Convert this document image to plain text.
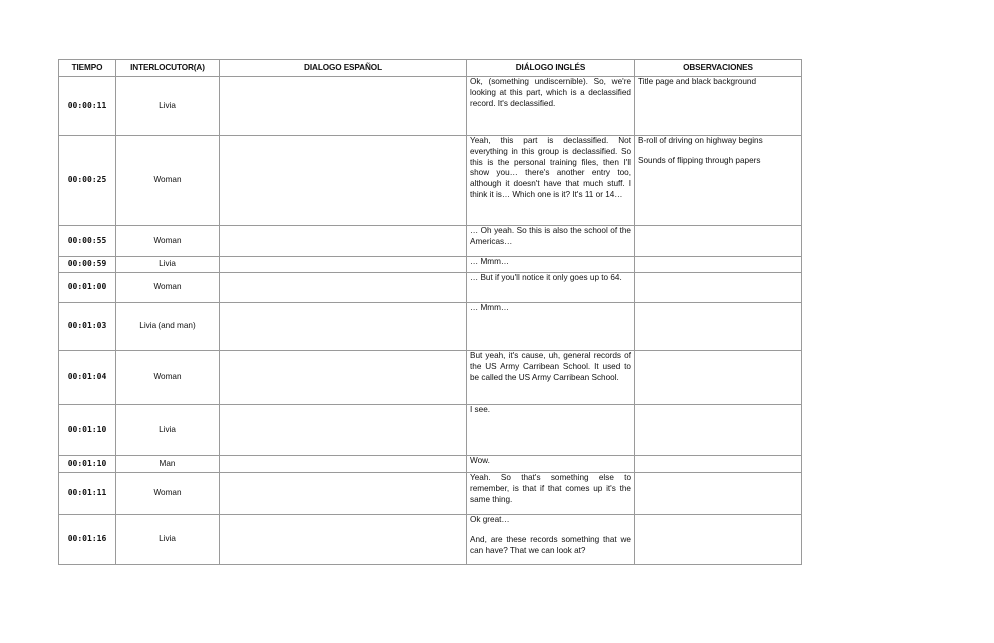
TIEMPO	INTERLOCUTOR(A)	DIALOGO ESPAÑOL	DIÁLOGO INGLÉS	OBSERVACIONES
00:00:11	Livia		Ok, (something undiscernible). So, we're looking at this part, which is a declassified record. It's declassified.	Title page and black background

00:00:25	Woman		Yeah, this part is declassified. Not everything in this group is declassified. So this is the personal training files, then I'll show you… there's another entry too, although it doesn't have that much stuff. I think it is… Which one is it? It's 11 or 14…	B-roll of driving on highway begins
Sounds of flipping through papers

00:00:55	Woman		… Oh yeah. So this is also the school of the Americas…	

00:00:59	Livia		… Mmm…	

00:01:00	Woman		… But if you'll notice it only goes up to 64.	

00:01:03	Livia (and man)		… Mmm…	

00:01:04	Woman		But yeah, it's cause, uh, general records of the US Army Carribean School. It used to be called the US Army Carribean School.	

00:01:10	Livia		I see.	

00:01:10	Man		Wow.	

00:01:11	Woman		Yeah. So that's something else to remember, is that if that comes up it's the same thing.	

00:01:16	Livia		Ok great…
And, are these records something that we can have? That we can look at?	
